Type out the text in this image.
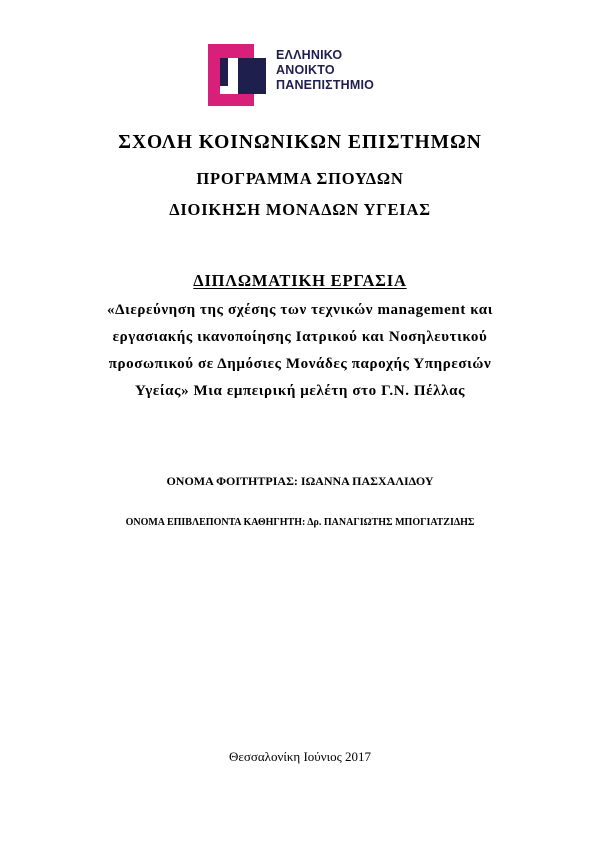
ΕΛΛΗΝΙΚΟ
ΑΝΟΙΚΤΟ
ΠΑΝΕΠΙΣΤΗΜΙΟ
ΣΧΟΛΗ ΚΟΙΝΩΝΙΚΩΝ ΕΠΙΣΤΗΜΩΝ
ΠΡΟΓΡΑΜΜΑ ΣΠΟΥΔΩΝ
ΔΙΟΙΚΗΣΗ ΜΟΝΑΔΩΝ ΥΓΕΙΑΣ
ΔΙΠΛΩΜΑΤΙΚΗ ΕΡΓΑΣΙΑ
«Διερεύνηση της σχέσης των τεχνικών management και
εργασιακής ικανοποίησης Ιατρικού και Νοσηλευτικού
προσωπικού σε Δημόσιες Μονάδες παροχής Υπηρεσιών
Υγείας» Μια εμπειρική μελέτη στο Γ.Ν. Πέλλας
ΟΝΟΜΑ ΦΟΙΤΗΤΡΙΑΣ: ΙΩΑΝΝΑ ΠΑΣΧΑΛΙΔΟΥ
ΟΝΟΜΑ ΕΠΙΒΛΕΠΟΝΤΑ ΚΑΘΗΓΗΤΗ: Δρ. ΠΑΝΑΓΙΩΤΗΣ ΜΠΟΓΙΑΤΖΙΔΗΣ
Θεσσαλονίκη Ιούνιος 2017
